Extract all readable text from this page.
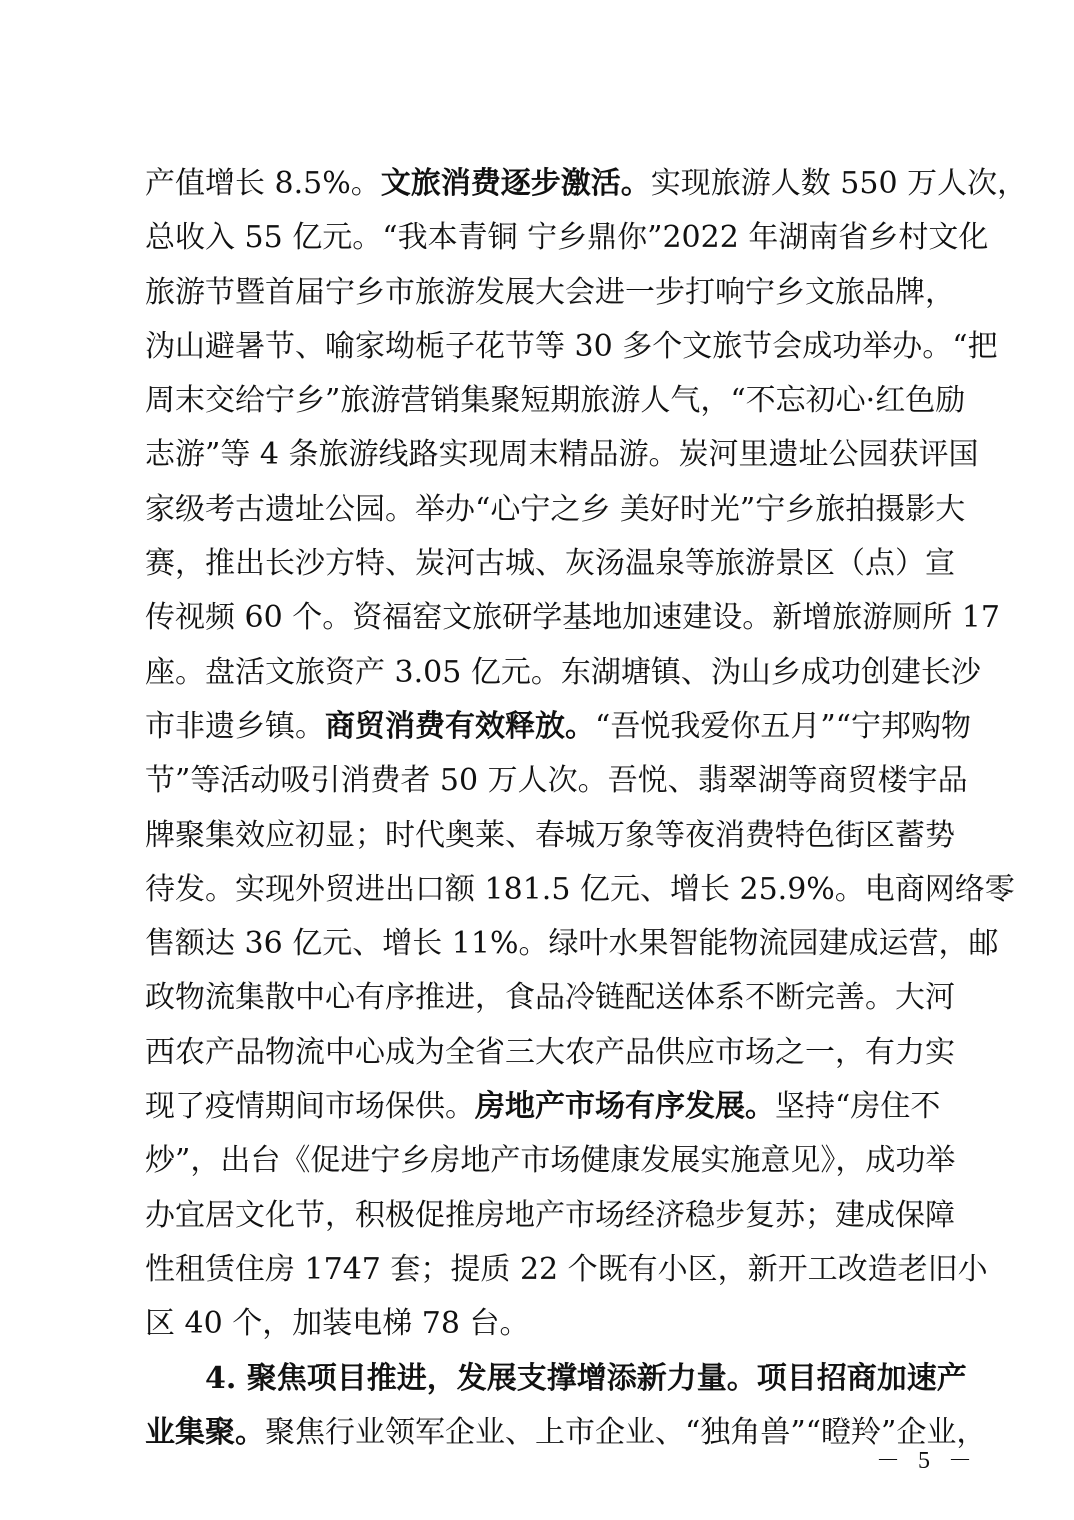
产值增长 8.5%。文旅消费逐步激活。实现旅游人数 550 万人次，
总收入 55 亿元。“我本青铜 宁乡鼎你”2022 年湖南省乡村文化
旅游节暨首届宁乡市旅游发展大会进一步打响宁乡文旅品牌，
沩山避暑节、喻家坳栀子花节等 30 多个文旅节会成功举办。“把
周末交给宁乡”旅游营销集聚短期旅游人气，“不忘初心·红色励
志游”等 4 条旅游线路实现周末精品游。炭河里遗址公园获评国
家级考古遗址公园。举办“心宁之乡 美好时光”宁乡旅拍摄影大
赛，推出长沙方特、炭河古城、灰汤温泉等旅游景区（点）宣
传视频 60 个。资福窑文旅研学基地加速建设。新增旅游厕所 17
座。盘活文旅资产 3.05 亿元。东湖塘镇、沩山乡成功创建长沙
市非遗乡镇。商贸消费有效释放。“吾悦我爱你五月”“宁邦购物
节”等活动吸引消费者 50 万人次。吾悦、翡翠湖等商贸楼宇品
牌聚集效应初显；时代奥莱、春城万象等夜消费特色街区蓄势
待发。实现外贸进出口额 181.5 亿元、增长 25.9%。电商网络零
售额达 36 亿元、增长 11%。绿叶水果智能物流园建成运营，邮
政物流集散中心有序推进，食品冷链配送体系不断完善。大河
西农产品物流中心成为全省三大农产品供应市场之一，有力实
现了疫情期间市场保供。房地产市场有序发展。坚持“房住不
炒”，出台《促进宁乡房地产市场健康发展实施意见》，成功举
办宜居文化节，积极促推房地产市场经济稳步复苏；建成保障
性租赁住房 1747 套；提质 22 个既有小区，新开工改造老旧小
区 40 个，加装电梯 78 台。
4. 聚焦项目推进，发展支撑增添新力量。项目招商加速产
业集聚。聚焦行业领军企业、上市企业、“独角兽”“瞪羚”企业，
－ 5 －
